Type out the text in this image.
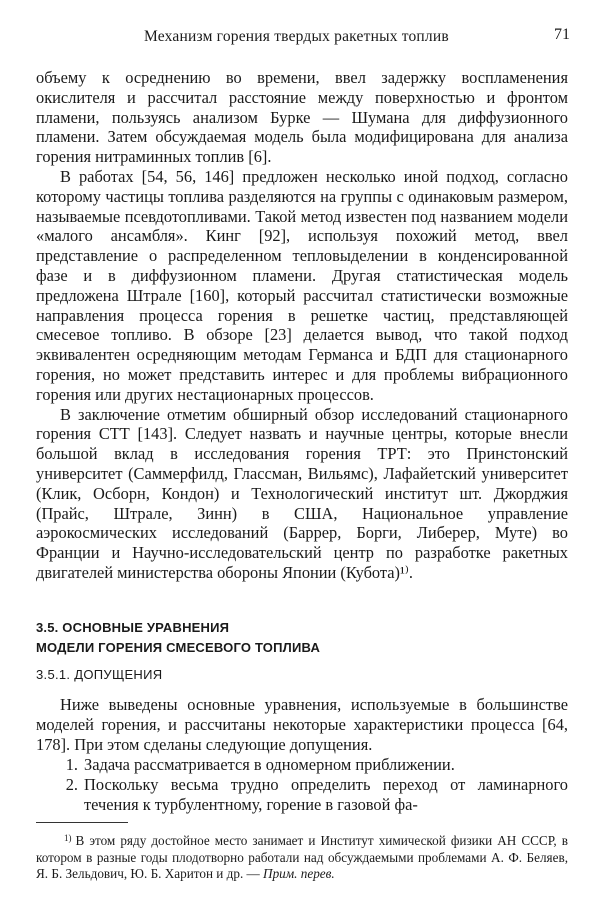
Механизм горения твердых ракетных топлив	71

объему к осреднению во времени, ввел задержку воспламенения окислителя и рассчитал расстояние между поверхностью и фронтом пламени, пользуясь анализом Бурке — Шумана для диффузионного пламени. Затем обсуждаемая модель была модифицирована для анализа горения нитраминных топлив [6].

В работах [54, 56, 146] предложен несколько иной подход, согласно которому частицы топлива разделяются на группы с одинаковым размером, называемые псевдотопливами. Такой метод известен под названием модели «малого ансамбля». Кинг [92], используя похожий метод, ввел представление о распределенном тепловыделении в конденсированной фазе и в диффузионном пламени. Другая статистическая модель предложена Штрале [160], который рассчитал статистически возможные направления процесса горения в решетке частиц, представляющей смесевое топливо. В обзоре [23] делается вывод, что такой подход эквивалентен осредняющим методам Германса и БДП для стационарного горения, но может представить интерес и для проблемы вибрационного горения или других нестационарных процессов.

В заключение отметим обширный обзор исследований стационарного горения СТТ [143]. Следует назвать и научные центры, которые внесли большой вклад в исследования горения ТРТ: это Принстонский университет (Саммерфилд, Глассман, Вильямс), Лафайетский университет (Клик, Осборн, Кондон) и Технологический институт шт. Джорджия (Прайс, Штрале, Зинн) в США, Национальное управление аэрокосмических исследований (Баррер, Борги, Либерер, Муте) во Франции и Научно-исследовательский центр по разработке ракетных двигателей министерства обороны Японии (Кубота)¹⁾.

3.5. ОСНОВНЫЕ УРАВНЕНИЯ
МОДЕЛИ ГОРЕНИЯ СМЕСЕВОГО ТОПЛИВА
3.5.1. ДОПУЩЕНИЯ

Ниже выведены основные уравнения, используемые в большинстве моделей горения, и рассчитаны некоторые характеристики процесса [64, 178]. При этом сделаны следующие допущения.

1. Задача рассматривается в одномерном приближении.
2. Поскольку весьма трудно определить переход от ламинарного течения к турбулентному, горение в газовой фа-
$^{1)}$ В этом ряду достойное место занимает и Институт химической физики АН СССР, в котором в разные годы плодотворно работали над обсуждаемыми проблемами А. Ф. Беляев, Я. Б. Зельдович, Ю. Б. Харитон и др. — Прим. перев.
